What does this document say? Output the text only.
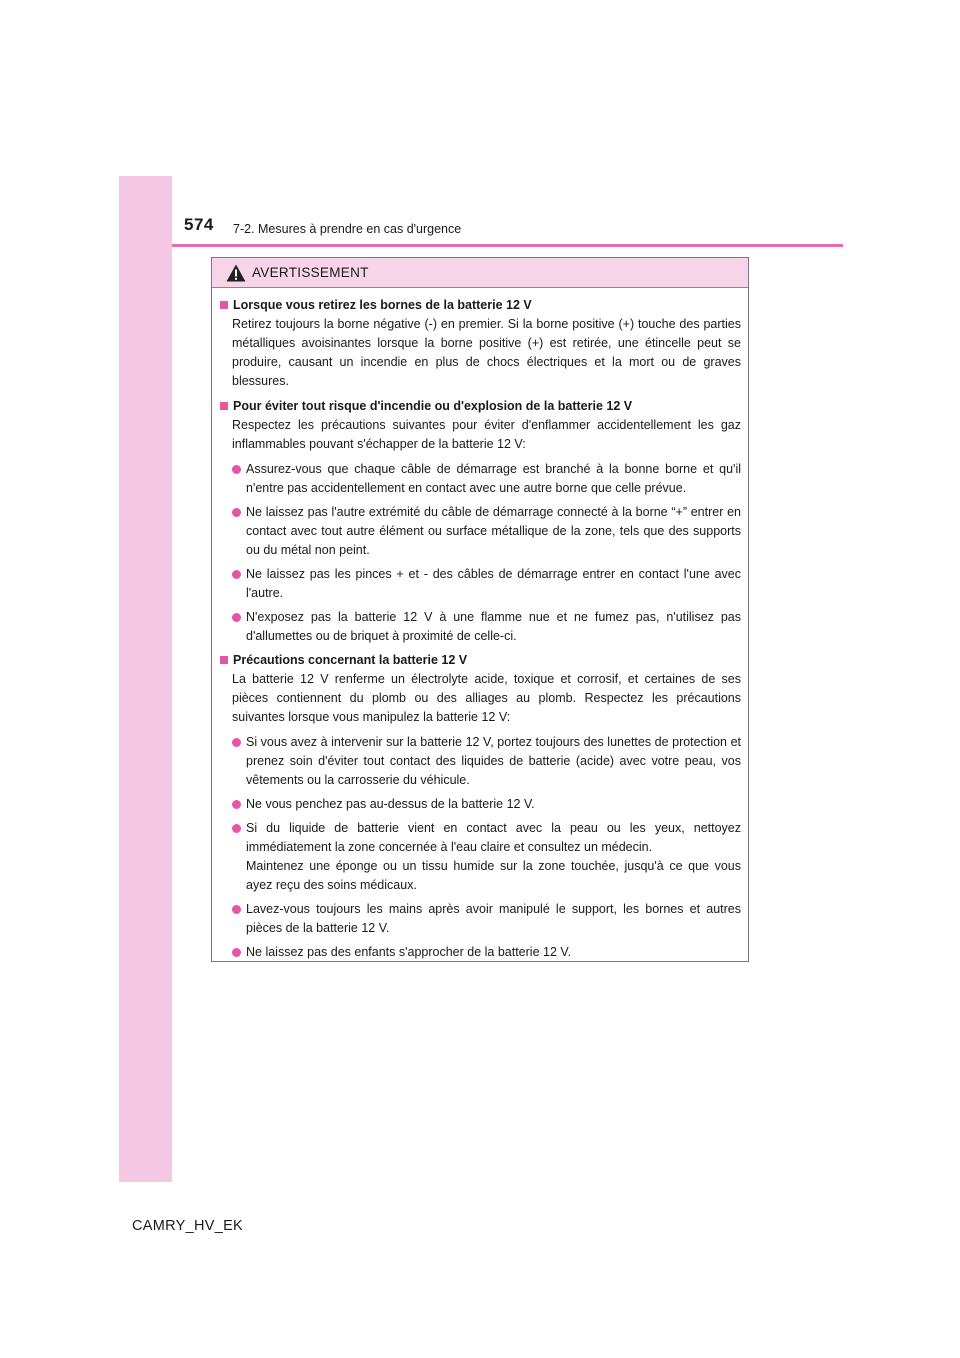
574 7-2. Mesures à prendre en cas d'urgence
AVERTISSEMENT
Lorsque vous retirez les bornes de la batterie 12 V
Retirez toujours la borne négative (-) en premier. Si la borne positive (+) touche des parties métalliques avoisinantes lorsque la borne positive (+) est retirée, une étincelle peut se produire, causant un incendie en plus de chocs électriques et la mort ou de graves blessures.
Pour éviter tout risque d'incendie ou d'explosion de la batterie 12 V
Respectez les précautions suivantes pour éviter d'enflammer accidentellement les gaz inflammables pouvant s'échapper de la batterie 12 V:
Assurez-vous que chaque câble de démarrage est branché à la bonne borne et qu'il n'entre pas accidentellement en contact avec une autre borne que celle prévue.
Ne laissez pas l'autre extrémité du câble de démarrage connecté à la borne “+” entrer en contact avec tout autre élément ou surface métallique de la zone, tels que des supports ou du métal non peint.
Ne laissez pas les pinces + et - des câbles de démarrage entrer en contact l'une avec l'autre.
N'exposez pas la batterie 12 V à une flamme nue et ne fumez pas, n'utilisez pas d'allumettes ou de briquet à proximité de celle-ci.
Précautions concernant la batterie 12 V
La batterie 12 V renferme un électrolyte acide, toxique et corrosif, et certaines de ses pièces contiennent du plomb ou des alliages au plomb. Respectez les précautions suivantes lorsque vous manipulez la batterie 12 V:
Si vous avez à intervenir sur la batterie 12 V, portez toujours des lunettes de protection et prenez soin d'éviter tout contact des liquides de batterie (acide) avec votre peau, vos vêtements ou la carrosserie du véhicule.
Ne vous penchez pas au-dessus de la batterie 12 V.
Si du liquide de batterie vient en contact avec la peau ou les yeux, nettoyez immédiatement la zone concernée à l'eau claire et consultez un médecin.
Maintenez une éponge ou un tissu humide sur la zone touchée, jusqu'à ce que vous ayez reçu des soins médicaux.
Lavez-vous toujours les mains après avoir manipulé le support, les bornes et autres pièces de la batterie 12 V.
Ne laissez pas des enfants s'approcher de la batterie 12 V.
CAMRY_HV_EK
